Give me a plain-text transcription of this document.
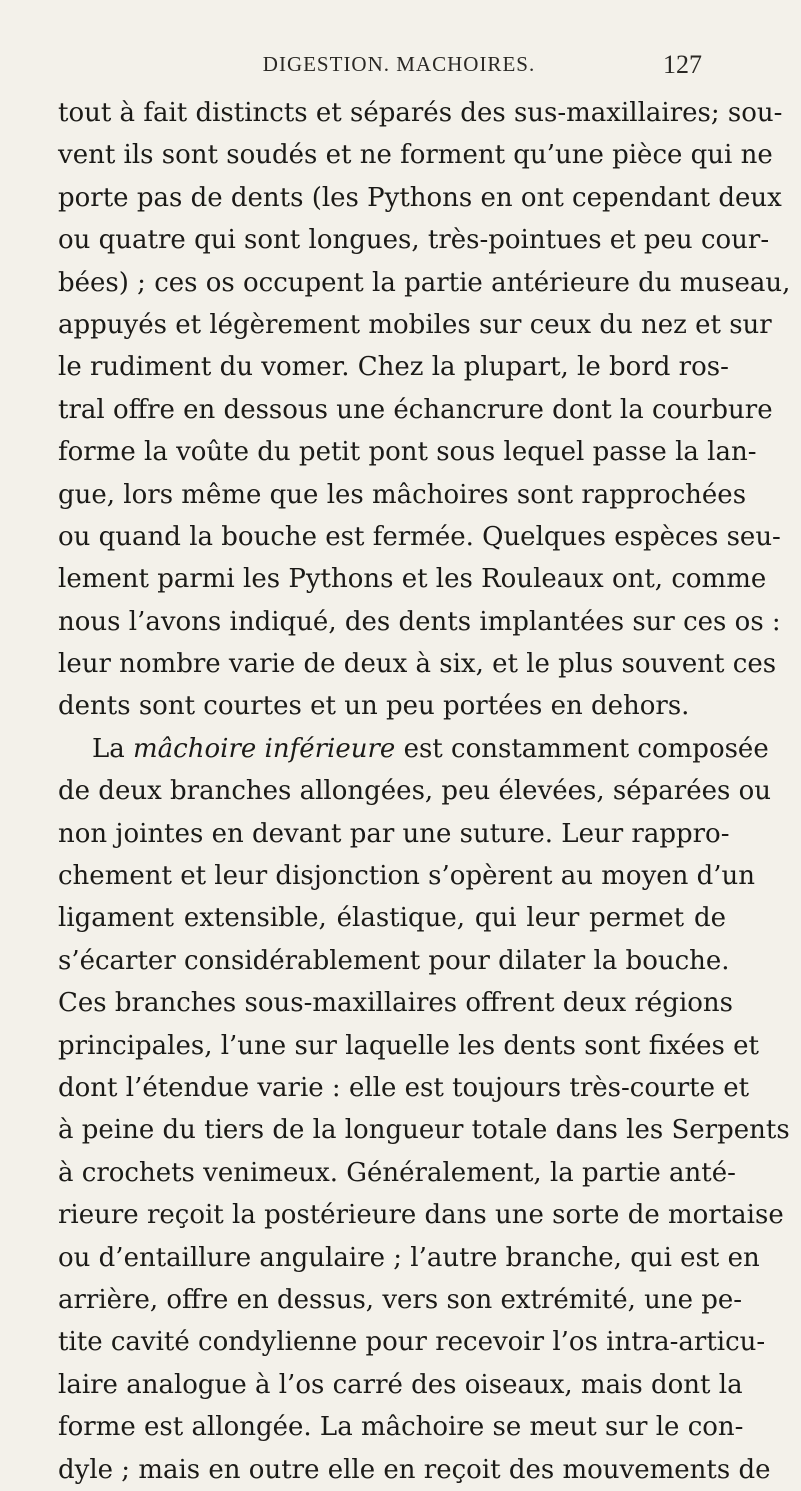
DIGESTION. MACHOIRES.	127
tout à fait distincts et séparés des sus-maxillaires; sou-
vent ils sont soudés et ne forment qu’une pièce qui ne
porte pas de dents (les Pythons en ont cependant deux
ou quatre qui sont longues, très-pointues et peu cour-
bées) ; ces os occupent la partie antérieure du museau,
appuyés et légèrement mobiles sur ceux du nez et sur
le rudiment du vomer. Chez la plupart, le bord ros-
tral offre en dessous une échancrure dont la courbure
forme la voûte du petit pont sous lequel passe la lan-
gue, lors même que les mâchoires sont rapprochées
ou quand la bouche est fermée. Quelques espèces seu-
lement parmi les Pythons et les Rouleaux ont, comme
nous l’avons indiqué, des dents implantées sur ces os :
leur nombre varie de deux à six, et le plus souvent ces
dents sont courtes et un peu portées en dehors.
La mâchoire inférieure est constamment composée
de deux branches allongées, peu élevées, séparées ou
non jointes en devant par une suture. Leur rappro-
chement et leur disjonction s’opèrent au moyen d’un
ligament extensible, élastique, qui leur permet de
s’écarter considérablement pour dilater la bouche.
Ces branches sous-maxillaires offrent deux régions
principales, l’une sur laquelle les dents sont fixées et
dont l’étendue varie : elle est toujours très-courte et
à peine du tiers de la longueur totale dans les Serpents
à crochets venimeux. Généralement, la partie anté-
rieure reçoit la postérieure dans une sorte de mortaise
ou d’entaillure angulaire ; l’autre branche, qui est en
arrière, offre en dessus, vers son extrémité, une pe-
tite cavité condylienne pour recevoir l’os intra-articu-
laire analogue à l’os carré des oiseaux, mais dont la
forme est allongée. La mâchoire se meut sur le con-
dyle ; mais en outre elle en reçoit des mouvements de
